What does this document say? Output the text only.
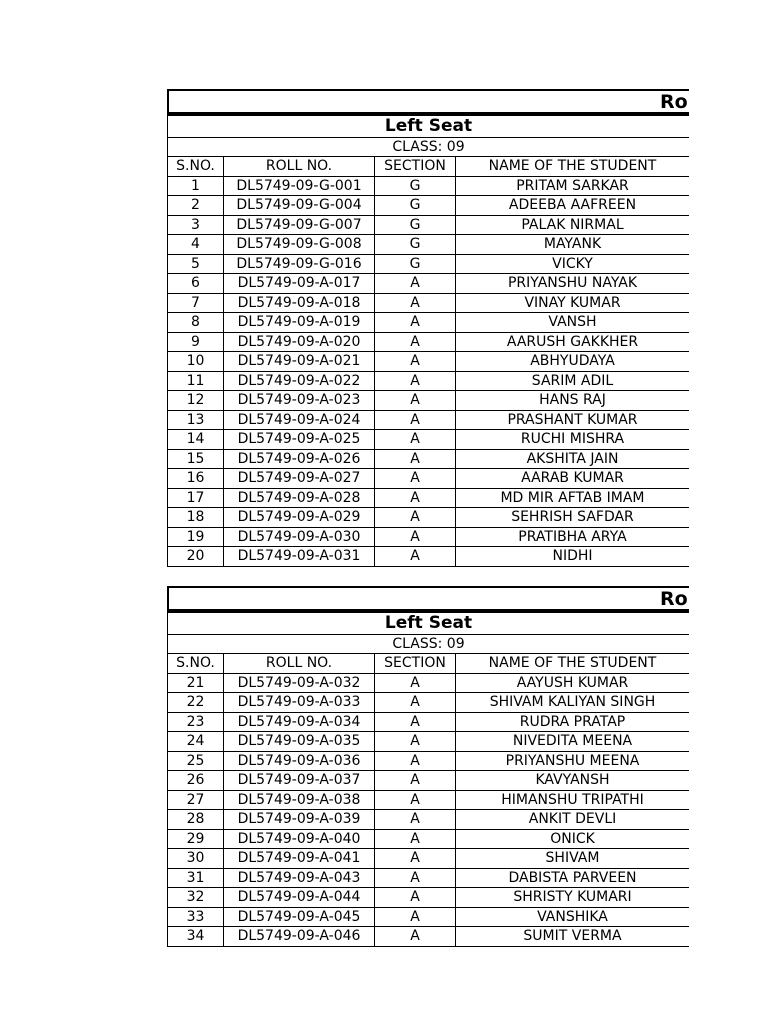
Ro
Left Seat			
CLASS: 09			
S.NO.	ROLL NO.	SECTION	NAME OF THE STUDENT
1	DL5749-09-G-001	G	PRITAM SARKAR
2	DL5749-09-G-004	G	ADEEBA AAFREEN
3	DL5749-09-G-007	G	PALAK NIRMAL
4	DL5749-09-G-008	G	MAYANK
5	DL5749-09-G-016	G	VICKY
6	DL5749-09-A-017	A	PRIYANSHU NAYAK
7	DL5749-09-A-018	A	VINAY KUMAR
8	DL5749-09-A-019	A	VANSH
9	DL5749-09-A-020	A	AARUSH GAKKHER
10	DL5749-09-A-021	A	ABHYUDAYA
11	DL5749-09-A-022	A	SARIM ADIL
12	DL5749-09-A-023	A	HANS RAJ
13	DL5749-09-A-024	A	PRASHANT KUMAR
14	DL5749-09-A-025	A	RUCHI MISHRA
15	DL5749-09-A-026	A	AKSHITA JAIN
16	DL5749-09-A-027	A	AARAB KUMAR
17	DL5749-09-A-028	A	MD MIR AFTAB IMAM
18	DL5749-09-A-029	A	SEHRISH SAFDAR
19	DL5749-09-A-030	A	PRATIBHA ARYA
20	DL5749-09-A-031	A	NIDHI
Ro
Left Seat			
CLASS: 09			
S.NO.	ROLL NO.	SECTION	NAME OF THE STUDENT
21	DL5749-09-A-032	A	AAYUSH KUMAR
22	DL5749-09-A-033	A	SHIVAM KALIYAN SINGH
23	DL5749-09-A-034	A	RUDRA PRATAP
24	DL5749-09-A-035	A	NIVEDITA MEENA
25	DL5749-09-A-036	A	PRIYANSHU MEENA
26	DL5749-09-A-037	A	KAVYANSH
27	DL5749-09-A-038	A	HIMANSHU TRIPATHI
28	DL5749-09-A-039	A	ANKIT DEVLI
29	DL5749-09-A-040	A	ONICK
30	DL5749-09-A-041	A	SHIVAM
31	DL5749-09-A-043	A	DABISTA PARVEEN
32	DL5749-09-A-044	A	SHRISTY KUMARI
33	DL5749-09-A-045	A	VANSHIKA
34	DL5749-09-A-046	A	SUMIT VERMA
